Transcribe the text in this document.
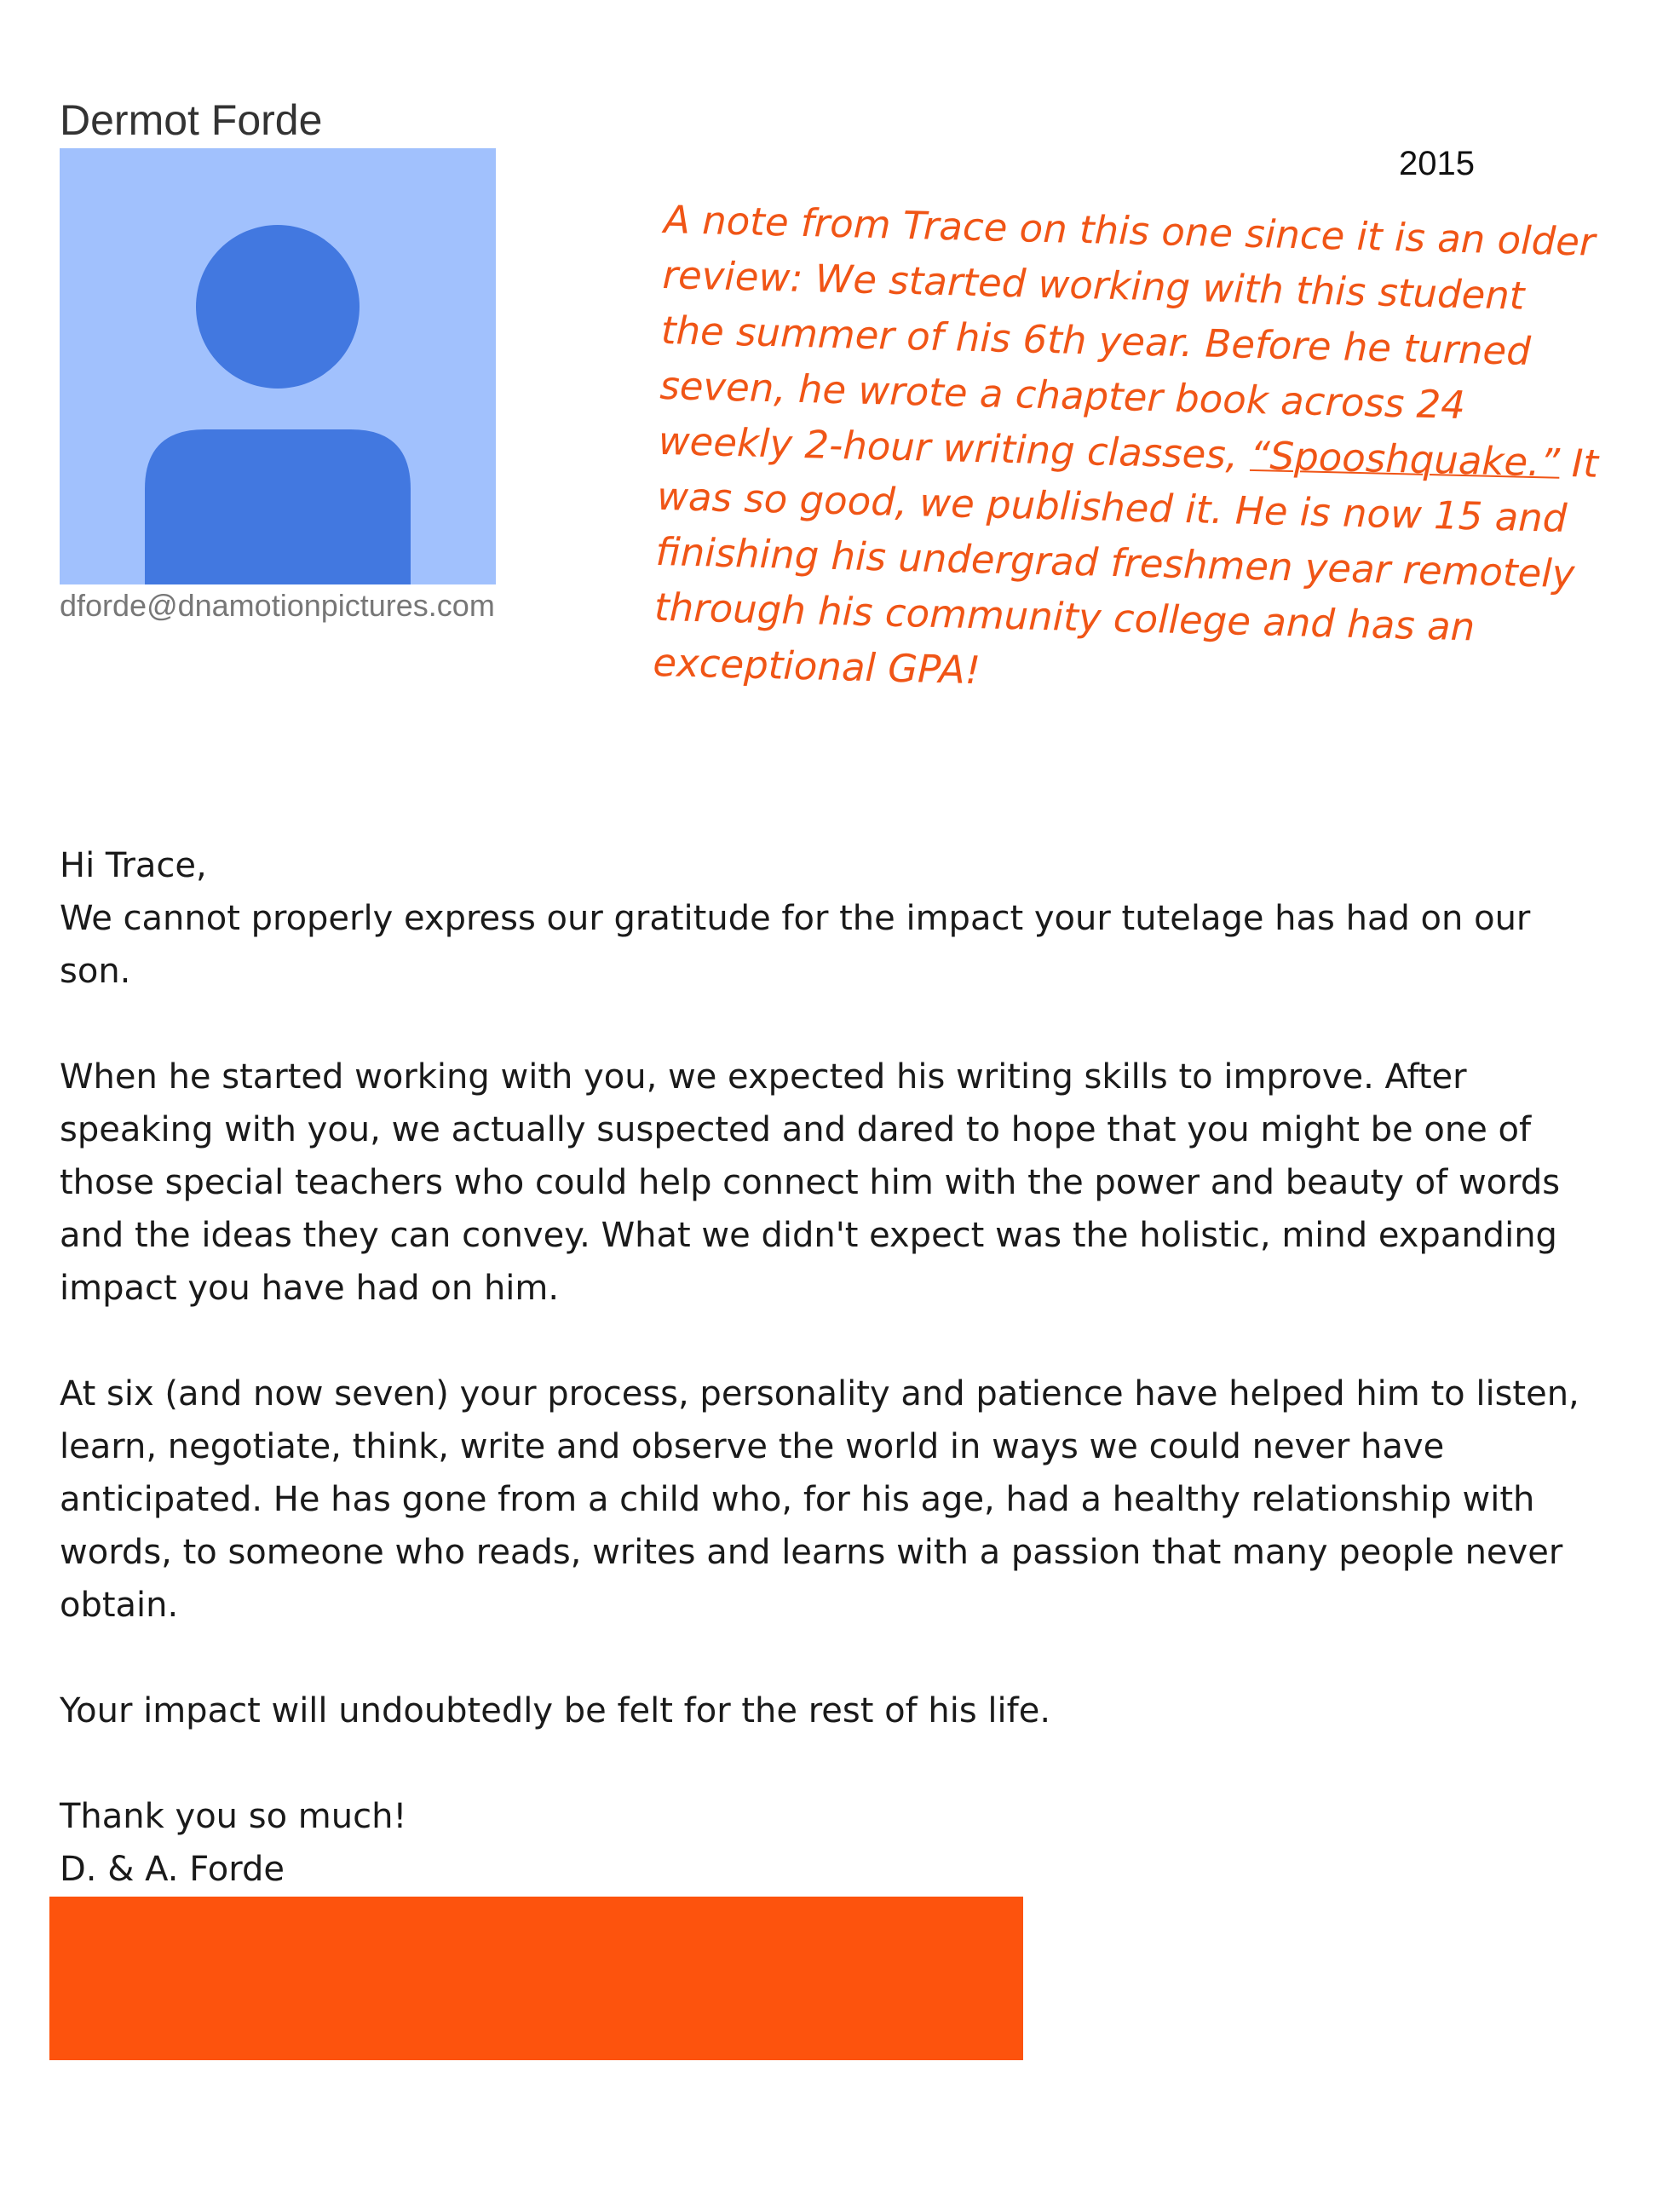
Dermot Forde
dforde@dnamotionpictures.com
2015
A note from Trace on this one since it is an older
review: We started working with this student
the summer of his 6th year. Before he turned
seven, he wrote a chapter book across 24
weekly 2-hour writing classes, “Spooshquake.” It
was so good, we published it. He is now 15 and
finishing his undergrad freshmen year remotely
through his community college and has an
exceptional GPA!

Hi Trace,

We cannot properly express our gratitude for the impact your tutelage has had on our
son.

When he started working with you, we expected his writing skills to improve. After
speaking with you, we actually suspected and dared to hope that you might be one of
those special teachers who could help connect him with the power and beauty of words
and the ideas they can convey. What we didn't expect was the holistic, mind expanding
impact you have had on him.

At six (and now seven) your process, personality and patience have helped him to listen,
learn, negotiate, think, write and observe the world in ways we could never have
anticipated. He has gone from a child who, for his age, had a healthy relationship with
words, to someone who reads, writes and learns with a passion that many people never
obtain.

Your impact will undoubtedly be felt for the rest of his life.

Thank you so much!
D. & A. Forde
